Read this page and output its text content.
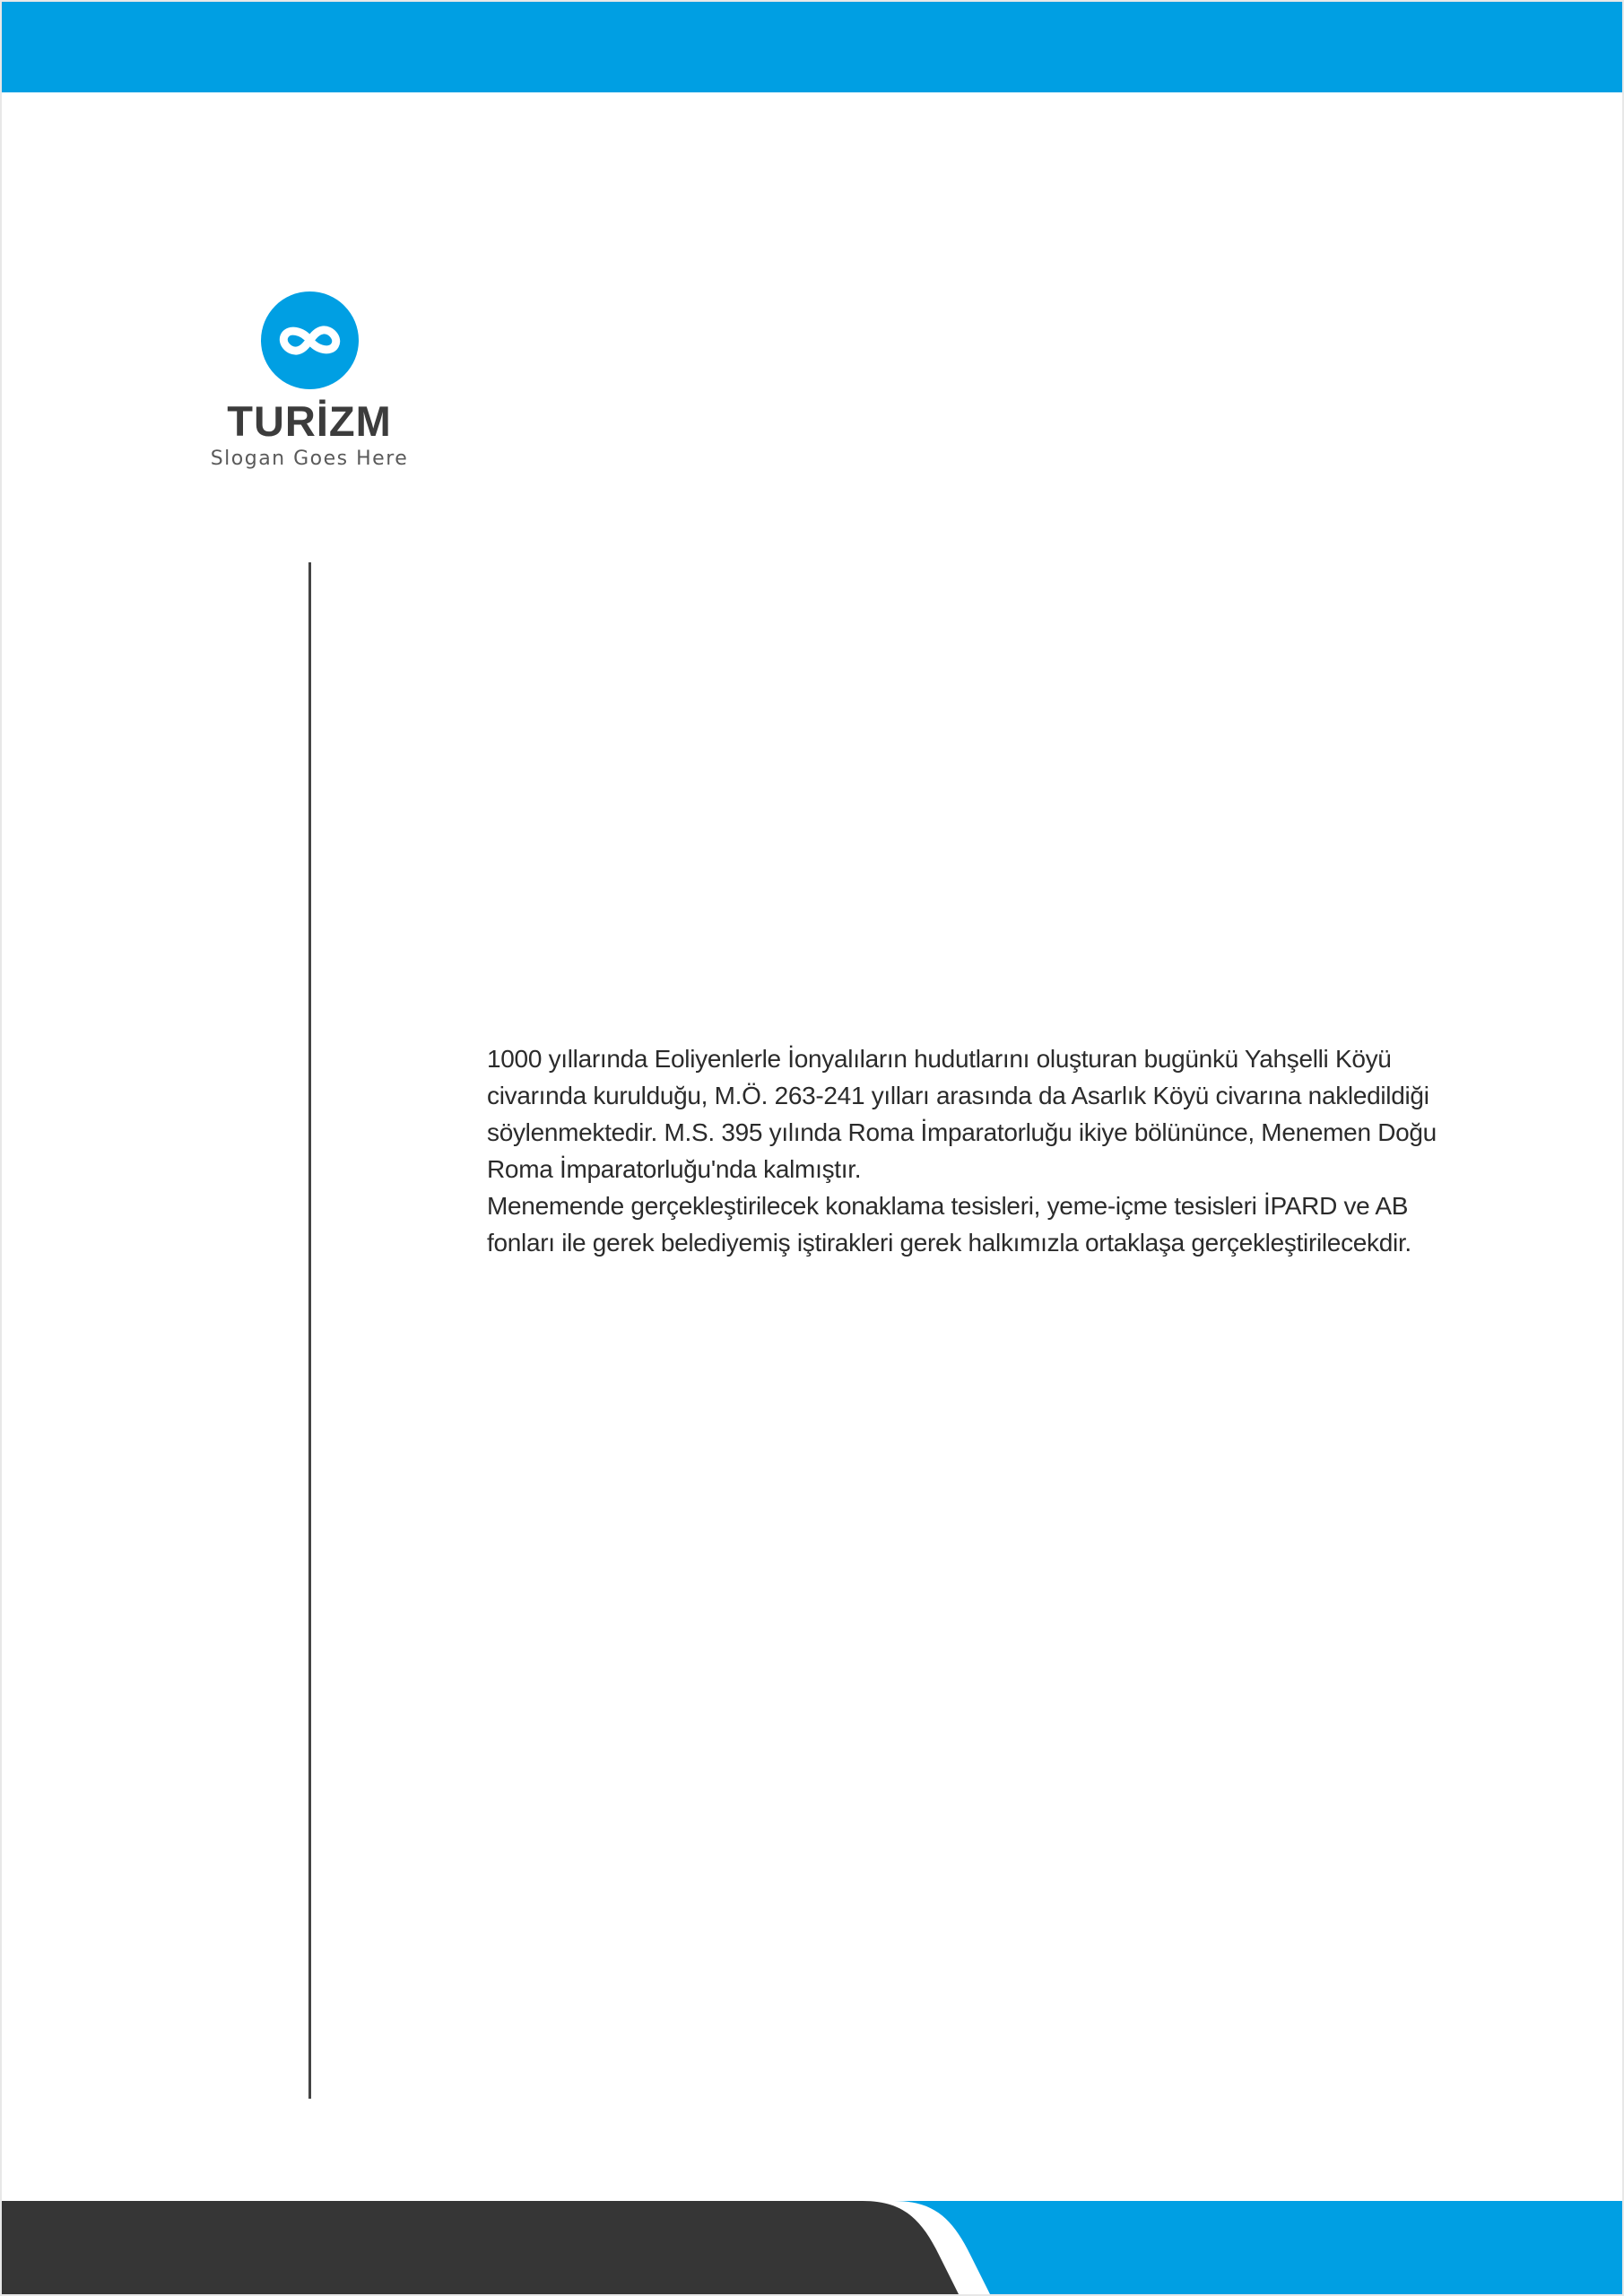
TURİZM
Slogan Goes Here

1000 yıllarında Eoliyenlerle İonyalıların hudutlarını oluşturan bugünkü Yahşelli Köyü civarında kurulduğu, M.Ö. 263-241 yılları arasında da Asarlık Köyü civarına nakledildiği söylenmektedir. M.S. 395 yılında Roma İmparatorluğu ikiye bölününce, Menemen Doğu Roma İmparatorluğu'nda kalmıştır.

Menemende gerçekleştirilecek konaklama tesisleri, yeme-içme tesisleri İPARD ve AB fonları ile gerek belediyemiş iştirakleri gerek halkımızla ortaklaşa gerçekleştirilecekdir.
